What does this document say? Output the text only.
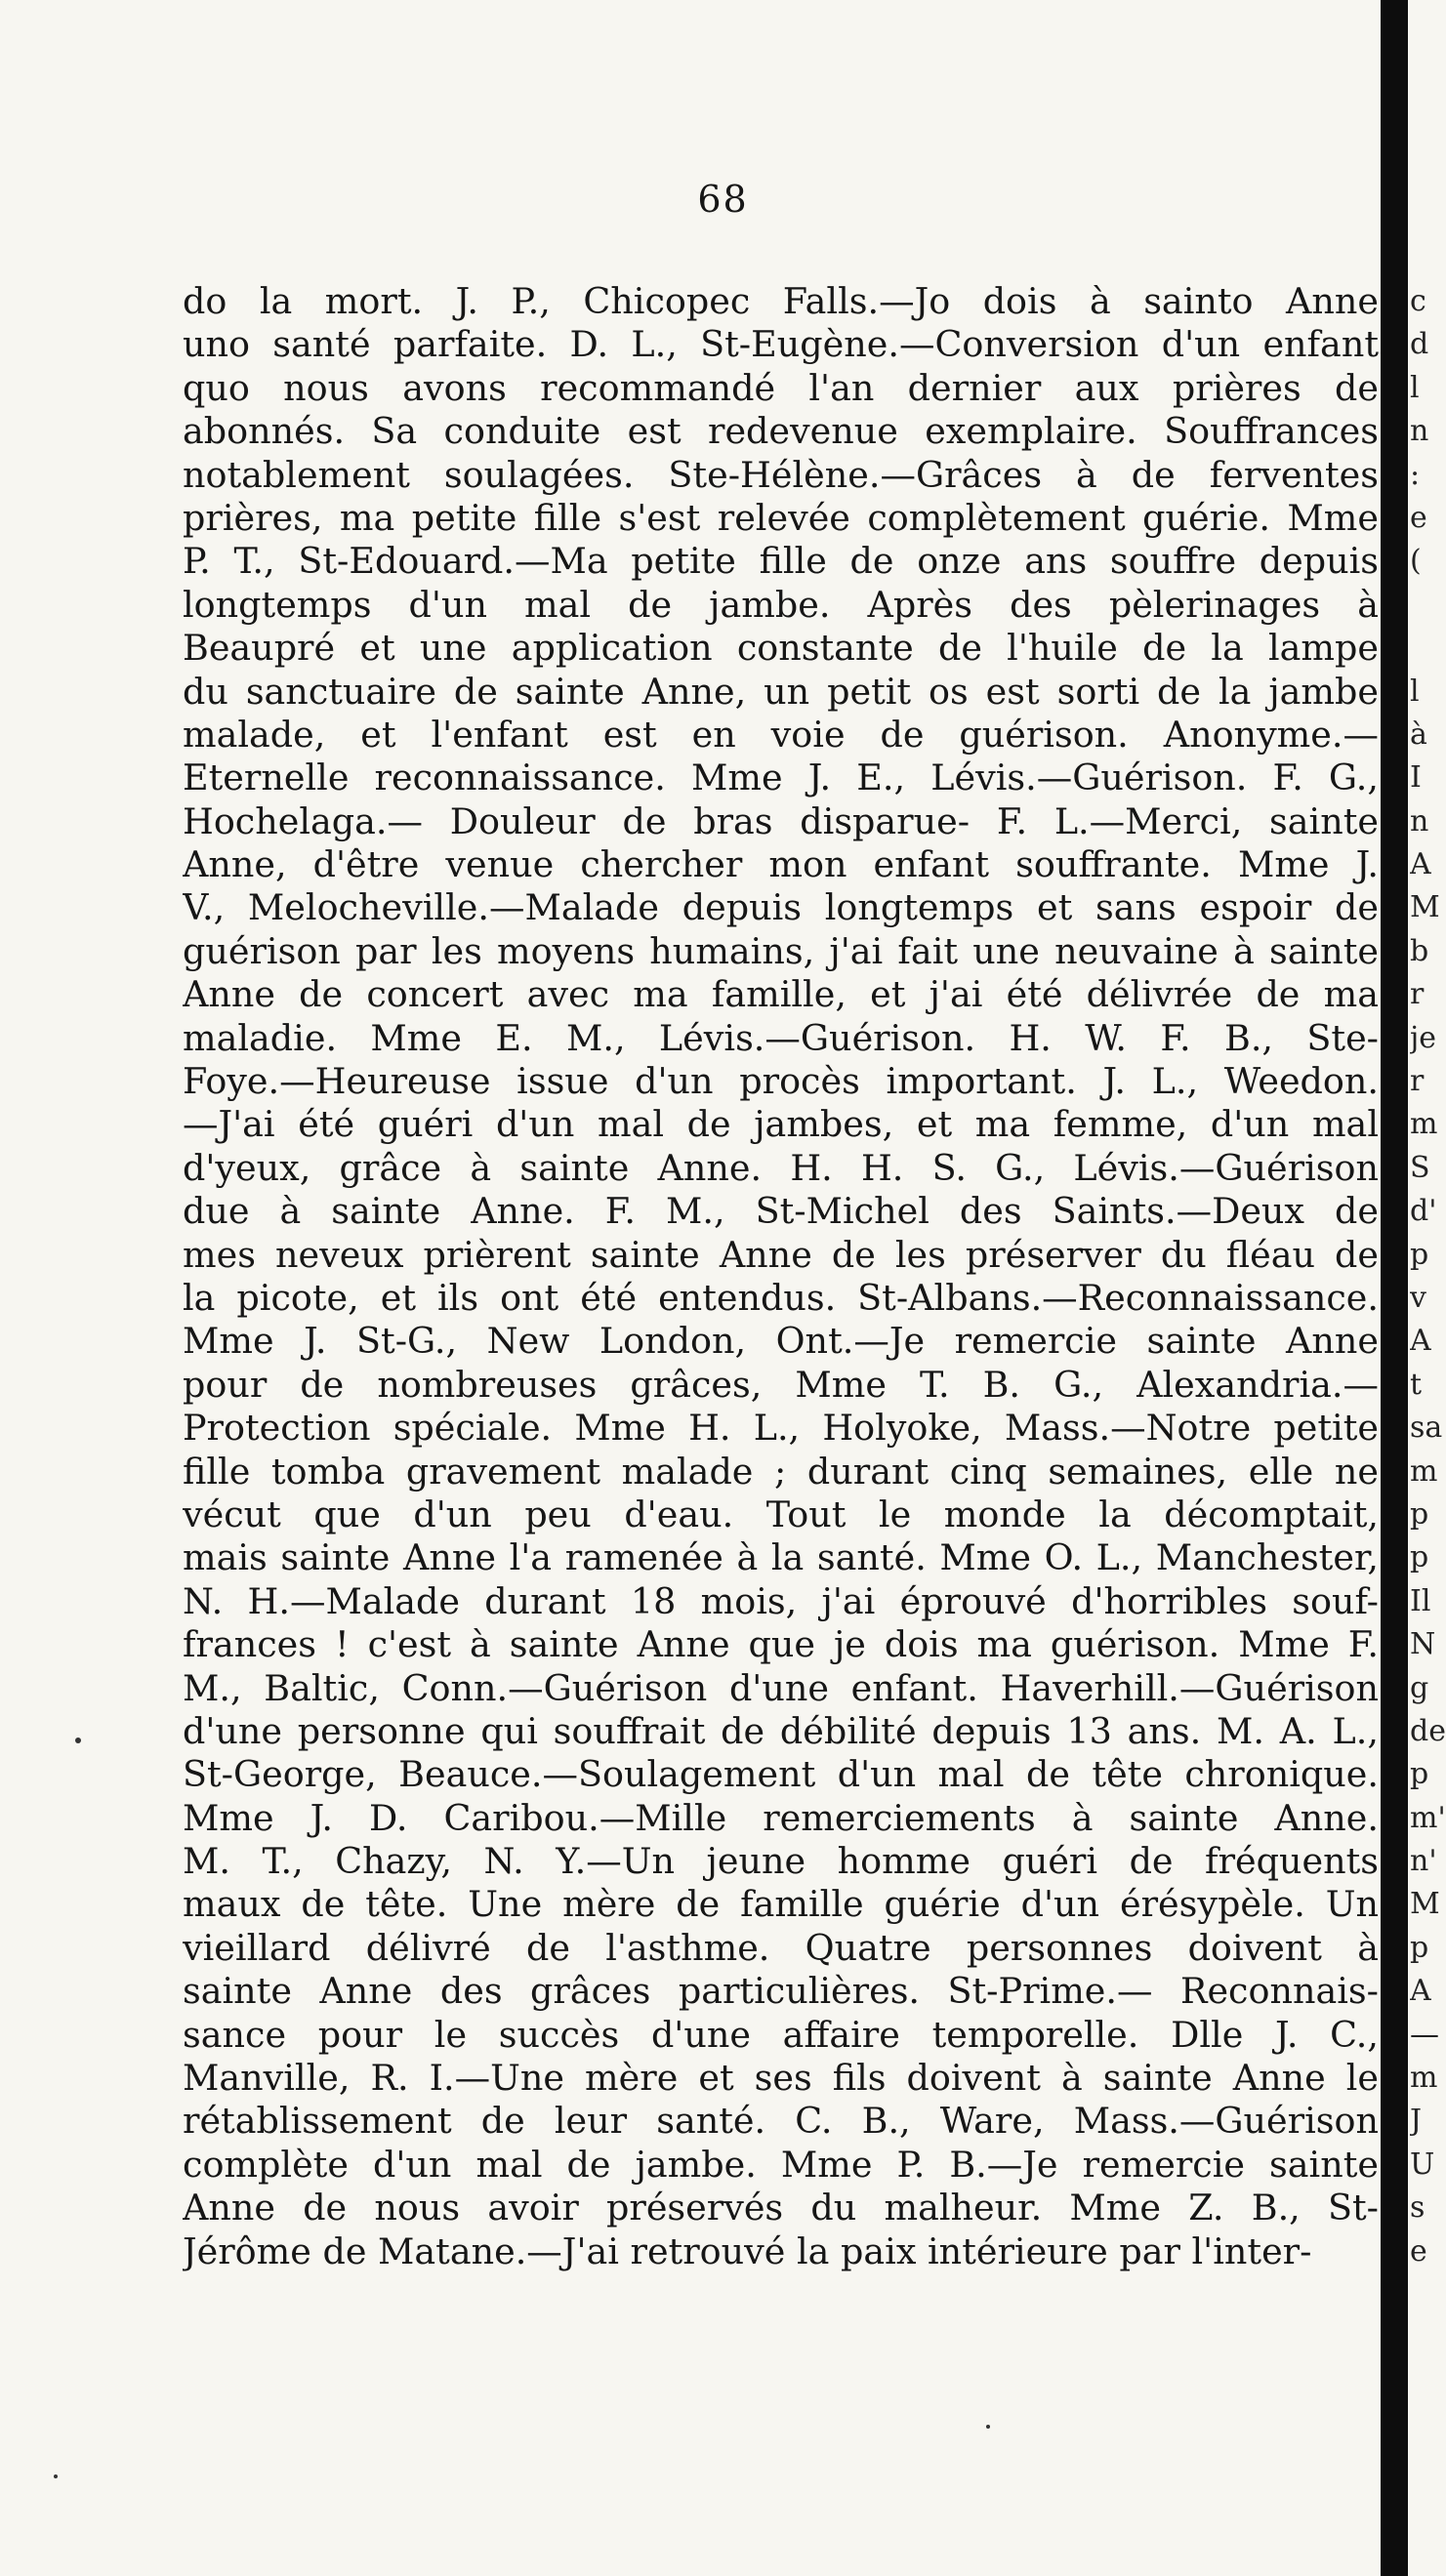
68
do la mort. J. P., Chicopec Falls.—Jo dois à sainto Anne
uno santé parfaite. D. L., St-Eugène.—Conversion d'un enfant
quo nous avons recommandé l'an dernier aux prières de
abonnés. Sa conduite est redevenue exemplaire. Souffrances
notablement soulagées. Ste-Hélène.—Grâces à de ferventes
prières, ma petite fille s'est relevée complètement guérie. Mme
P. T., St-Edouard.—Ma petite fille de onze ans souffre depuis
longtemps d'un mal de jambe. Après des pèlerinages à
Beaupré et une application constante de l'huile de la lampe
du sanctuaire de sainte Anne, un petit os est sorti de la jambe
malade, et l'enfant est en voie de guérison. Anonyme.—
Eternelle reconnaissance. Mme J. E., Lévis.—Guérison. F. G.,
Hochelaga.— Douleur de bras disparue- F. L.—Merci, sainte
Anne, d'être venue chercher mon enfant souffrante. Mme J.
V., Melocheville.—Malade depuis longtemps et sans espoir de
guérison par les moyens humains, j'ai fait une neuvaine à sainte
Anne de concert avec ma famille, et j'ai été délivrée de ma
maladie. Mme E. M., Lévis.—Guérison. H. W. F. B., Ste-
Foye.—Heureuse issue d'un procès important. J. L., Weedon.
—J'ai été guéri d'un mal de jambes, et ma femme, d'un mal
d'yeux, grâce à sainte Anne. H. H. S. G., Lévis.—Guérison
due à sainte Anne. F. M., St-Michel des Saints.—Deux de
mes neveux prièrent sainte Anne de les préserver du fléau de
la picote, et ils ont été entendus. St-Albans.—Reconnaissance.
Mme J. St-G., New London, Ont.—Je remercie sainte Anne
pour de nombreuses grâces, Mme T. B. G., Alexandria.—
Protection spéciale. Mme H. L., Holyoke, Mass.—Notre petite
fille tomba gravement malade ; durant cinq semaines, elle ne
vécut que d'un peu d'eau. Tout le monde la décomptait,
mais sainte Anne l'a ramenée à la santé. Mme O. L., Manchester,
N. H.—Malade durant 18 mois, j'ai éprouvé d'horribles souf-
frances ! c'est à sainte Anne que je dois ma guérison. Mme F.
M., Baltic, Conn.—Guérison d'une enfant. Haverhill.—Guérison
d'une personne qui souffrait de débilité depuis 13 ans. M. A. L.,
St-George, Beauce.—Soulagement d'un mal de tête chronique.
Mme J. D. Caribou.—Mille remerciements à sainte Anne.
M. T., Chazy, N. Y.—Un jeune homme guéri de fréquents
maux de tête. Une mère de famille guérie d'un érésypèle. Un
vieillard délivré de l'asthme. Quatre personnes doivent à
sainte Anne des grâces particulières. St-Prime.— Reconnais-
sance pour le succès d'une affaire temporelle. Dlle J. C.,
Manville, R. I.—Une mère et ses fils doivent à sainte Anne le
rétablissement de leur santé. C. B., Ware, Mass.—Guérison
complète d'un mal de jambe. Mme P. B.—Je remercie sainte
Anne de nous avoir préservés du malheur. Mme Z. B., St-
Jérôme de Matane.—J'ai retrouvé la paix intérieure par l'inter-
c
d
l
n
:
e
(
l
à
I
n
A
M
b
r
je
r
m
S
d'
p
v
A
t
sa
m
p
p
Il
N
g
de
p
m'
n'
M
p
A
—
m
J
U
s
e
